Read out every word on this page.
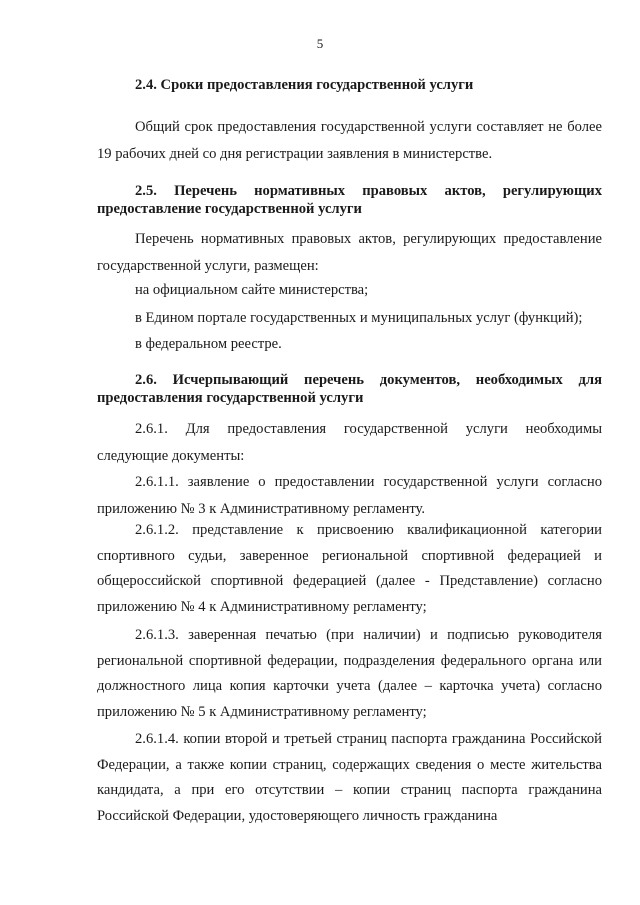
5
2.4. Сроки предоставления государственной услуги
Общий срок предоставления государственной услуги составляет не более 19 рабочих дней со дня регистрации заявления в министерстве.
2.5. Перечень нормативных правовых актов, регулирующих предоставление государственной услуги
Перечень нормативных правовых актов, регулирующих предоставление государственной услуги, размещен:
на официальном сайте министерства;
в Едином портале государственных и муниципальных услуг (функций);
в федеральном реестре.
2.6. Исчерпывающий перечень документов, необходимых для предоставления государственной услуги
2.6.1. Для предоставления государственной услуги необходимы следующие документы:
2.6.1.1. заявление о предоставлении государственной услуги согласно приложению № 3 к Административному регламенту.
2.6.1.2. представление к присвоению квалификационной категории спортивного судьи, заверенное региональной спортивной федерацией и общероссийской спортивной федерацией (далее - Представление) согласно приложению № 4 к Административному регламенту;
2.6.1.3. заверенная печатью (при наличии) и подписью руководителя региональной спортивной федерации, подразделения федерального органа или должностного лица копия карточки учета (далее – карточка учета) согласно приложению № 5 к Административному регламенту;
2.6.1.4. копии второй и третьей страниц паспорта гражданина Российской Федерации, а также копии страниц, содержащих сведения о месте жительства кандидата, а при его отсутствии – копии страниц паспорта гражданина Российской Федерации, удостоверяющего личность гражданина
